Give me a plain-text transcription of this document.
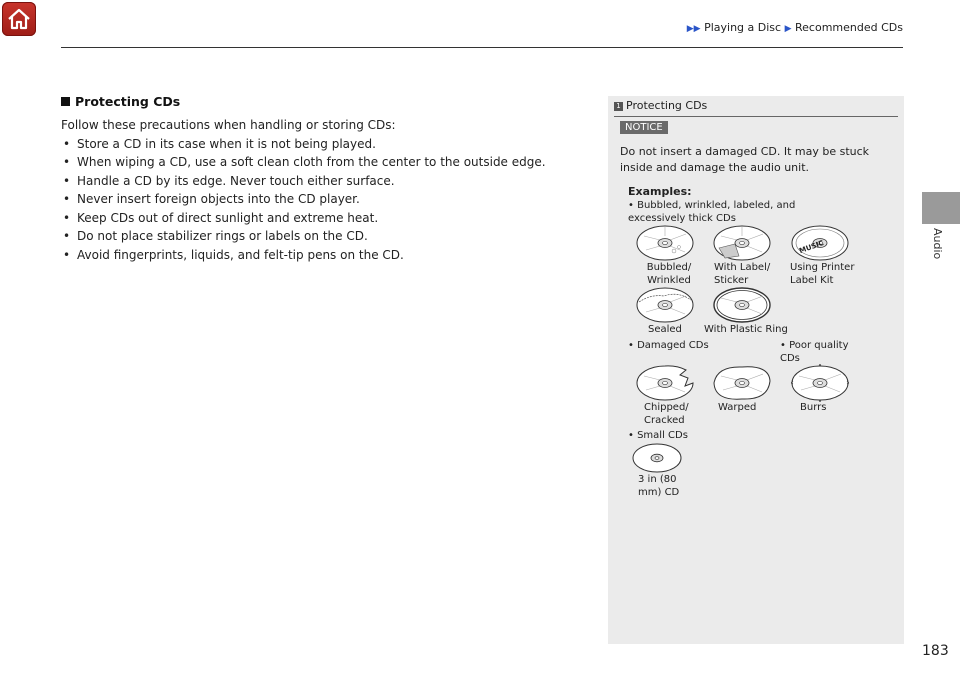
▶▶ Playing a Disc ▶ Recommended CDs
Audio
Protecting CDs
Follow these precautions when handling or storing CDs:
• Store a CD in its case when it is not being played.
• When wiping a CD, use a soft clean cloth from the center to the outside edge.
• Handle a CD by its edge. Never touch either surface.
• Never insert foreign objects into the CD player.
• Keep CDs out of direct sunlight and extreme heat.
• Do not place stabilizer rings or labels on the CD.
• Avoid fingerprints, liquids, and felt-tip pens on the CD.
1 Protecting CDs
NOTICE
Do not insert a damaged CD. It may be stuck inside and damage the audio unit.
Examples:
• Bubbled, wrinkled, labeled, and excessively thick CDs
MUSIC
Bubbled/ Wrinkled
With Label/ Sticker
Using Printer Label Kit
Sealed	With Plastic Ring
• Damaged CDs	• Poor quality CDs
Chipped/ Cracked
Warped	Burrs
• Small CDs
3 in (80 mm) CD
183
